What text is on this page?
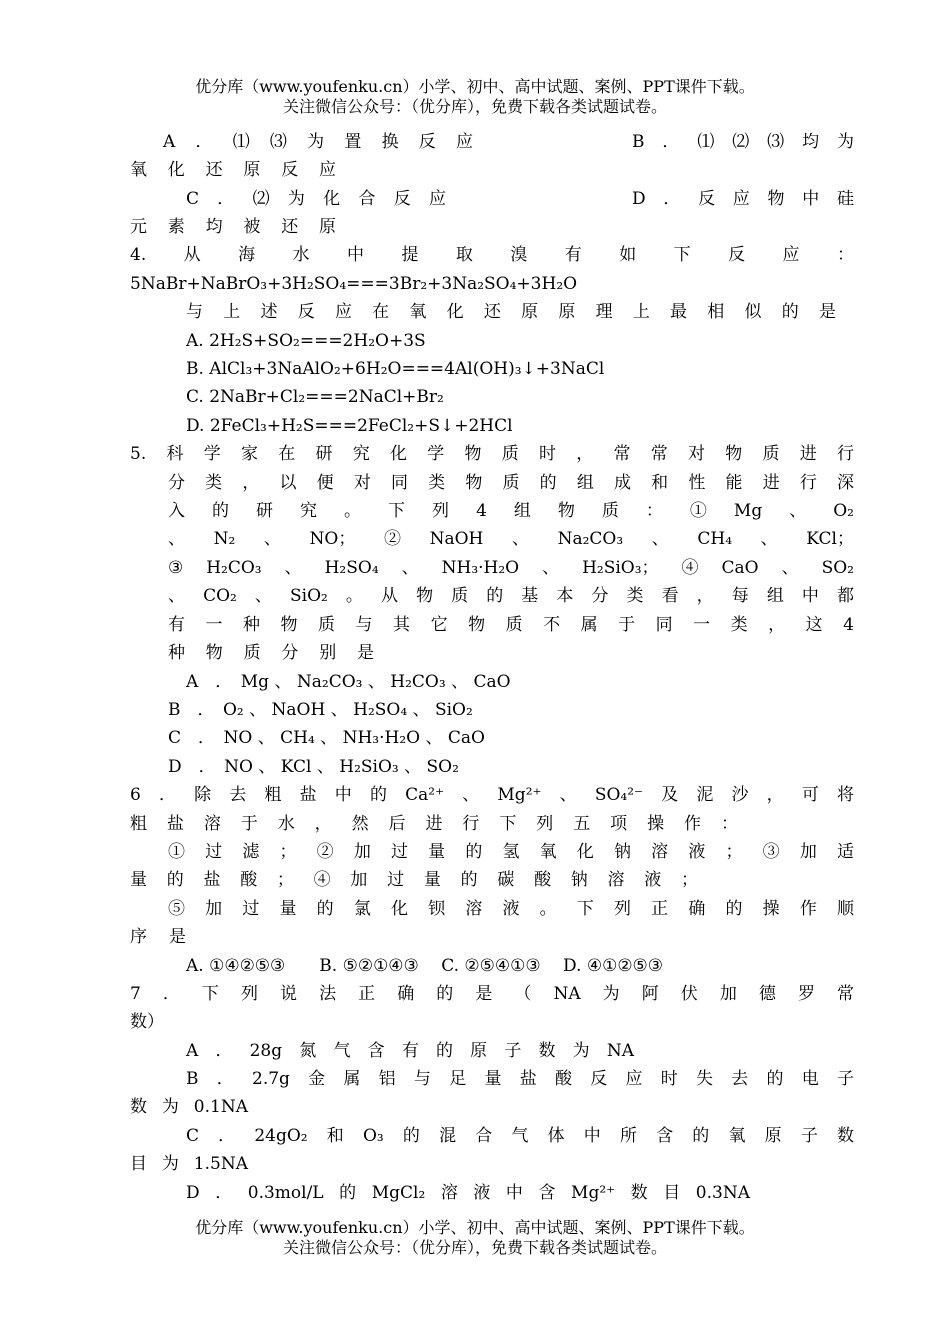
优分库（www.youfenku.cn）小学、初中、高中试题、案例、PPT课件下载。
关注微信公众号：（优分库），免费下载各类试题试卷。
A．⑴⑶为置换反应	B．⑴⑵⑶均为
氧化还原反应
C．⑵为化合反应	D．反应物中硅
元素均被还原
4.从海水中提取溴有如下反应：
5NaBr+NaBrO₃+3H₂SO₄===3Br₂+3Na₂SO₄+3H₂O
与上述反应在氧化还原原理上最相似的是
A. 2H₂S+SO₂===2H₂O+3S
B. AlCl₃+3NaAlO₂+6H₂O===4Al(OH)₃↓+3NaCl
C. 2NaBr+Cl₂===2NaCl+Br₂
D. 2FeCl₃+H₂S===2FeCl₂+S↓+2HCl
5.科学家在研究化学物质时，常常对物质进行
分类，以便对同类物质的组成和性能进行深
入的研究。下列4组物质：①Mg、O₂
、N₂、NO；②NaOH、Na₂CO₃、CH₄、KCl；
③H₂CO₃、H₂SO₄、NH₃·H₂O、H₂SiO₃；④CaO、SO₂
、CO₂、SiO₂。从物质的基本分类看，每组中都
有一种物质与其它物质不属于同一类，这4
种物质分别是
A　．　Mg 、 Na₂CO₃ 、 H₂CO₃ 、 CaO
B　．　O₂ 、 NaOH 、 H₂SO₄ 、 SiO₂
C　．　NO 、 CH₄ 、 NH₃·H₂O 、 CaO
D　．　NO 、 KCl 、 H₂SiO₃ 、 SO₂
6．除去粗盐中的Ca²⁺、Mg²⁺、SO₄²⁻及泥沙，可将
粗盐溶于水，然后进行下列五项操作：
①过滤；②加过量的氢氧化钠溶液；③加适
量的盐酸；④加过量的碳酸钠溶液；
⑤加过量的氯化钡溶液。下列正确的操作顺
序是
A. ①④②⑤③　　B. ⑤②①④③　 C. ②⑤④①③　 D. ④①②⑤③
7．下列说法正确的是（NA为阿伏加德罗常
数）
A．28g氮气含有的原子数为NA
B．2.7g金属铝与足量盐酸反应时失去的电子
数为0.1NA
C．24gO₂和O₃的混合气体中所含的氧原子数
目为1.5NA
D．0.3mol/L的MgCl₂溶液中含Mg²⁺数目0.3NA
优分库（www.youfenku.cn）小学、初中、高中试题、案例、PPT课件下载。
关注微信公众号：（优分库），免费下载各类试题试卷。
